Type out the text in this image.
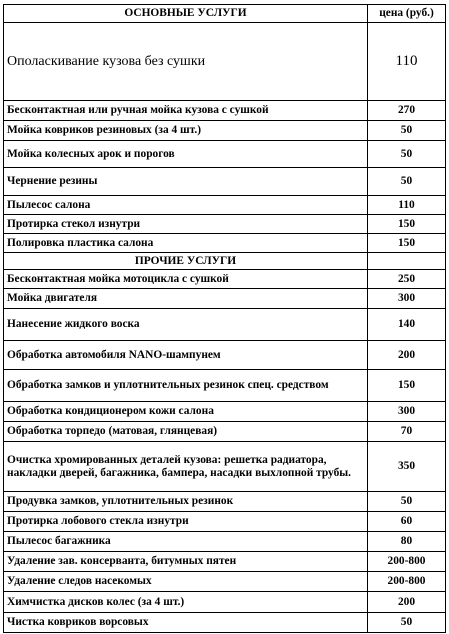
ОСНОВНЫЕ УСЛУГИ	цена (руб.)
Ополаскивание кузова без сушки	110
Бесконтактная или ручная мойка кузова с сушкой	270
Мойка ковриков резиновых (за 4 шт.)	50
Мойка колесных арок и порогов	50
Чернение резины	50
Пылесос салона	110
Протирка стекол изнутри	150
Полировка пластика салона	150
ПРОЧИЕ УСЛУГИ	
Бесконтактная мойка мотоцикла с сушкой	250
Мойка двигателя	300
Нанесение жидкого воска	140
Обработка автомобиля NANO-шампунем	200
Обработка замков и уплотнительных резинок спец. средством	150
Обработка кондиционером кожи салона	300
Обработка торпедо (матовая, глянцевая)	70
Очистка хромированных деталей кузова: решетка радиатора, накладки дверей, багажника, бампера, насадки выхлопной трубы.	350
Продувка замков, уплотнительных резинок	50
Протирка лобового стекла изнутри	60
Пылесос багажника	80
Удаление зав. консерванта, битумных пятен	200-800
Удаление следов насекомых	200-800
Химчистка дисков колес (за 4 шт.)	200
Чистка ковриков ворсовых	50
